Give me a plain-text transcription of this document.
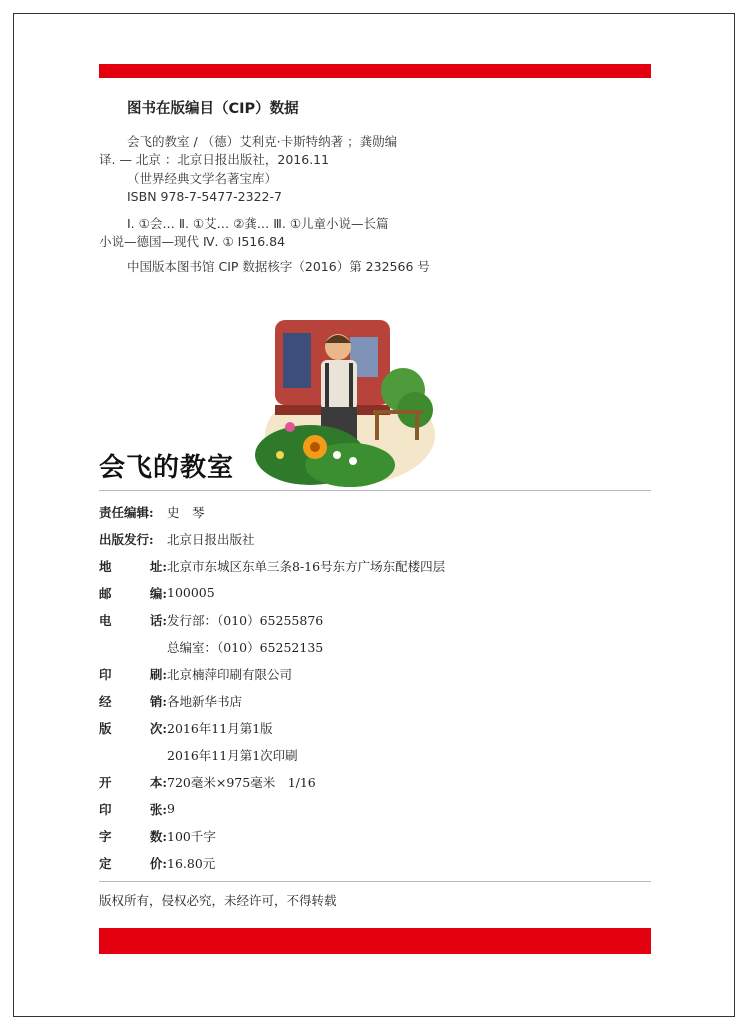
图书在版编目（CIP）数据

会飞的教室 / （德）艾利克·卡斯特纳著 ；龚勋编

译. — 北京 ：北京日报出版社，2016.11

（世界经典文学名著宝库）

ISBN 978-7-5477-2322-7

Ⅰ. ①会… Ⅱ. ①艾… ②龚… Ⅲ. ①儿童小说—长篇

小说—德国—现代 Ⅳ. ① I516.84

中国版本图书馆 CIP 数据核字（2016）第 232566 号

会飞的教室
责任编辑:	史　琴
出版发行:	北京日报出版社
地	址: 北京市东城区东单三条8-16号东方广场东配楼四层
邮	编: 100005
电	话: 发行部：（010）65255876
总编室：（010）65252135
印	刷: 北京楠萍印刷有限公司
经	销: 各地新华书店
版	次: 2016年11月第1版
2016年11月第1次印刷
开	本: 720毫米×975毫米　1/16
印	张: 9
字	数: 100千字
定	价: 16.80元
版权所有，侵权必究，未经许可，不得转载
